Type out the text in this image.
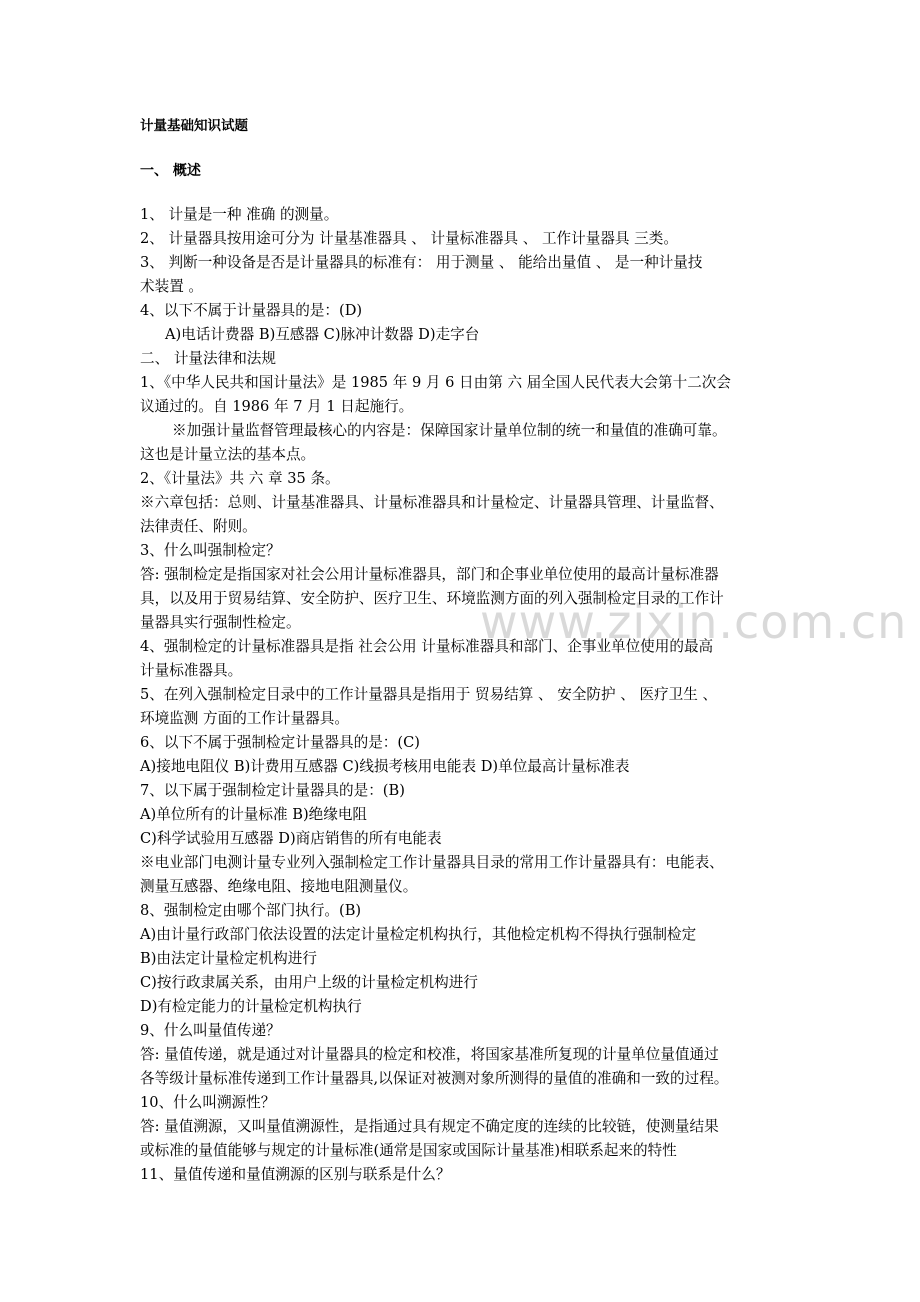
www.zixin.com.cn
计量基础知识试题
一、 概述
1、 计量是一种 准确 的测量。
2、 计量器具按用途可分为 计量基准器具 、 计量标准器具 、 工作计量器具 三类。
3、 判断一种设备是否是计量器具的标准有： 用于测量 、 能给出量值 、 是一种计量技
术装置 。
4、以下不属于计量器具的是：(D)
A)电话计费器 B)互感器 C)脉冲计数器 D)走字台
二、 计量法律和法规
1、《中华人民共和国计量法》是 1985 年 9 月 6 日由第 六 届全国人民代表大会第十二次会
议通过的。自 1986 年 7 月 1 日起施行。
※加强计量监督管理最核心的内容是：保障国家计量单位制的统一和量值的准确可靠。
这也是计量立法的基本点。
2、《计量法》共 六 章 35 条。
※六章包括：总则、计量基准器具、计量标准器具和计量检定、计量器具管理、计量监督、
法律责任、附则。
3、什么叫强制检定？
答: 强制检定是指国家对社会公用计量标准器具，部门和企事业单位使用的最高计量标准器
具，以及用于贸易结算、安全防护、医疗卫生、环境监测方面的列入强制检定目录的工作计
量器具实行强制性检定。
4、强制检定的计量标准器具是指 社会公用 计量标准器具和部门、企事业单位使用的最高
计量标准器具。
5、在列入强制检定目录中的工作计量器具是指用于 贸易结算 、 安全防护 、 医疗卫生 、
环境监测 方面的工作计量器具。
6、以下不属于强制检定计量器具的是：(C)
A)接地电阻仪 B)计费用互感器 C)线损考核用电能表 D)单位最高计量标准表
7、以下属于强制检定计量器具的是：(B)
A)单位所有的计量标准 B)绝缘电阻
C)科学试验用互感器 D)商店销售的所有电能表
※电业部门电测计量专业列入强制检定工作计量器具目录的常用工作计量器具有：电能表、
测量互感器、绝缘电阻、接地电阻测量仪。
8、强制检定由哪个部门执行。(B)
A)由计量行政部门依法设置的法定计量检定机构执行，其他检定机构不得执行强制检定
B)由法定计量检定机构进行
C)按行政隶属关系，由用户上级的计量检定机构进行
D)有检定能力的计量检定机构执行
9、什么叫量值传递？
答: 量值传递，就是通过对计量器具的检定和校准，将国家基准所复现的计量单位量值通过
各等级计量标准传递到工作计量器具,以保证对被测对象所测得的量值的准确和一致的过程。
10、什么叫溯源性？
答: 量值溯源，又叫量值溯源性，是指通过具有规定不确定度的连续的比较链，使测量结果
或标准的量值能够与规定的计量标准(通常是国家或国际计量基准)相联系起来的特性
11、量值传递和量值溯源的区别与联系是什么？
